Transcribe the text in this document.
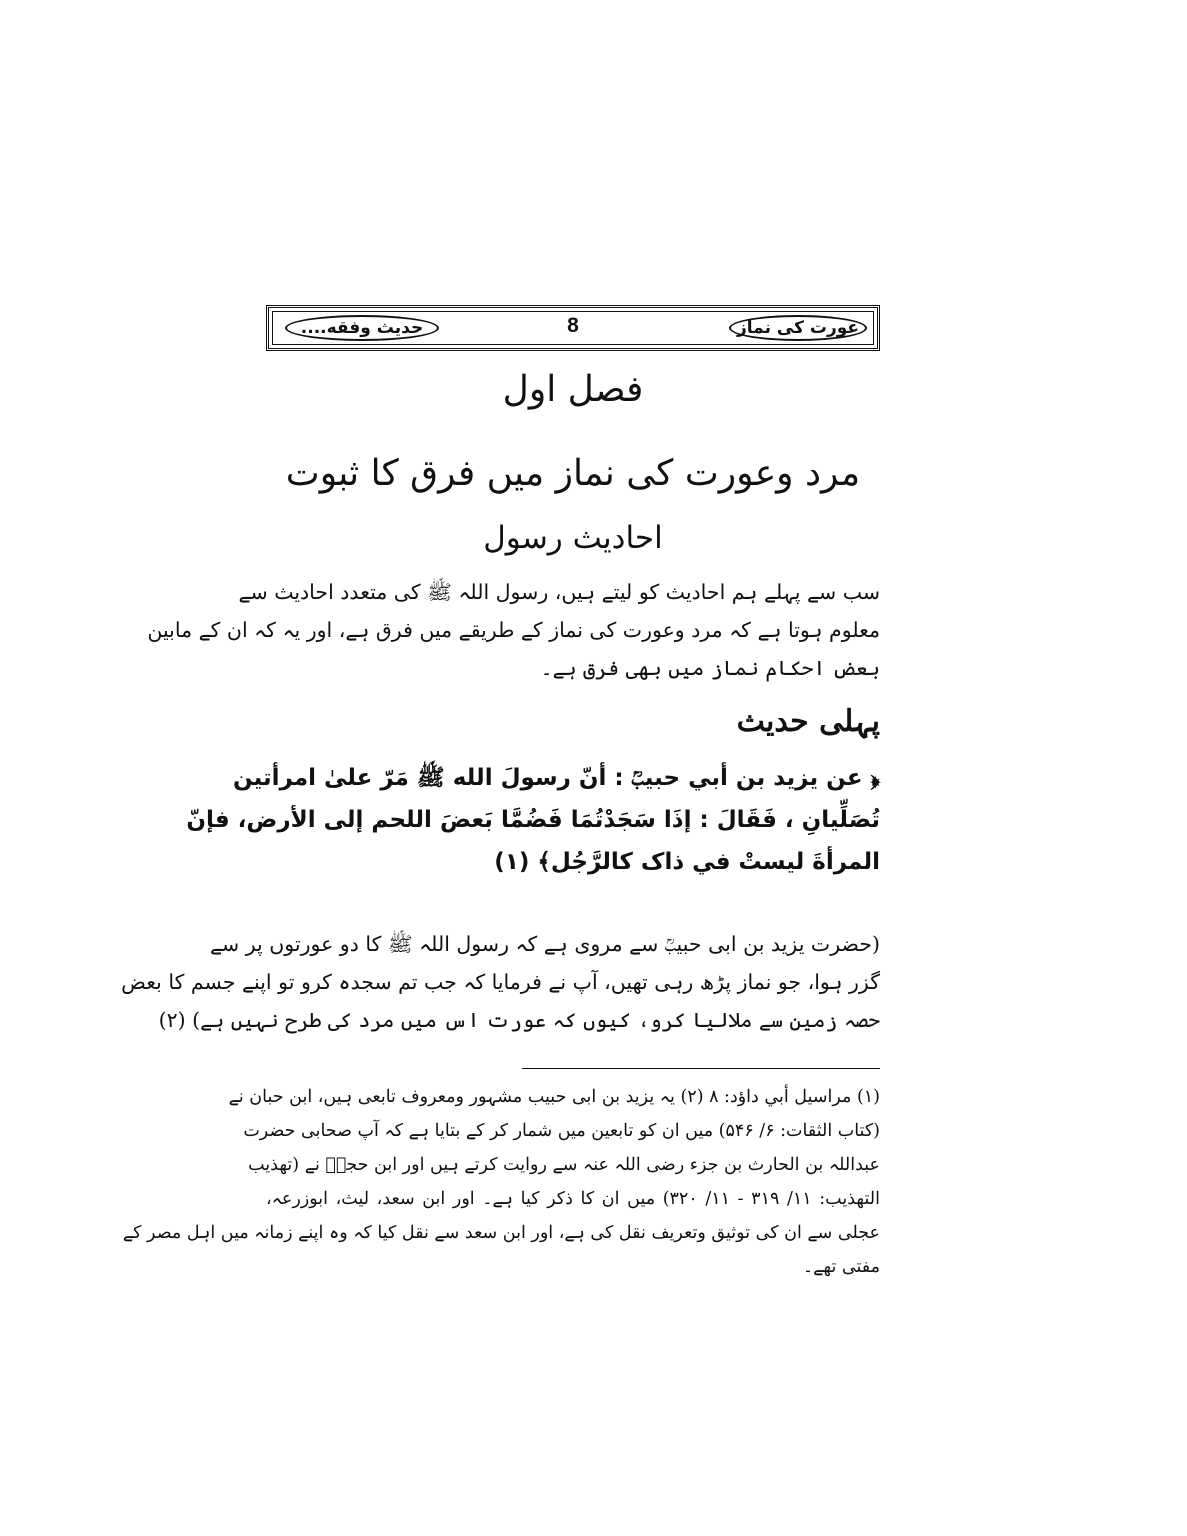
عورت کی نماز
8
حدیث وفقه....
فصل اول
مرد وعورت کی نماز میں فرق کا ثبوت
احادیث رسول
سب سے پہلے ہم احادیث کو لیتے ہیں، رسول اللہ ﷺ کی متعدد احادیث سے
معلوم ہوتا ہے کہ مرد وعورت کی نماز کے طریقے میں فرق ہے، اور یہ کہ ان کے مابین
بعض احکام نماز میں بھی فرق ہے۔
پہلی حدیث
﴿ عن يزيد بن أبي حبيبؒ : أنّ رسولَ الله ﷺ مَرّ علىٰ امرأتين
تُصَلِّيانِ ، فَقَالَ : إذَا سَجَدْتُمَا فَضُمَّا بَعضَ اللحم إلى الأرض، فإنّ
المرأةَ ليستْ في ذاک كالرَّجُل﴾ (۱)
(حضرت یزید بن ابی حبیبؒ سے مروی ہے کہ رسول اللہ ﷺ کا دو عورتوں پر سے
گزر ہوا، جو نماز پڑھ رہی تھیں، آپ نے فرمایا کہ جب تم سجدہ کرو تو اپنے جسم کا بعض
حصہ زمین سے ملالیا کرو، کیوں کہ عورت اس میں مرد کی طرح نہیں ہے) (۲)
(۱) مراسيل أبي داؤد: ۸ (۲) یہ یزید بن ابی حبیب مشہور ومعروف تابعی ہیں، ابن حبان نے
(كتاب الثقات: ۶/ ۵۴۶) میں ان کو تابعین میں شمار کر کے بتایا ہے کہ آپ صحابی حضرت
عبداللہ بن الحارث بن جزء رضی اللہ عنہ سے روایت کرتے ہیں اور ابن حجرؒ نے (تهذيب
التهذيب: ۱۱/ ۳۱۹ - ۱۱/ ۳۲۰) میں ان کا ذکر کیا ہے۔ اور ابن سعد، لیث، ابوزرعہ،
عجلی سے ان کی توثیق وتعریف نقل کی ہے، اور ابن سعد سے نقل کیا کہ وہ اپنے زمانہ میں اہل مصر کے
مفتی تھے۔
